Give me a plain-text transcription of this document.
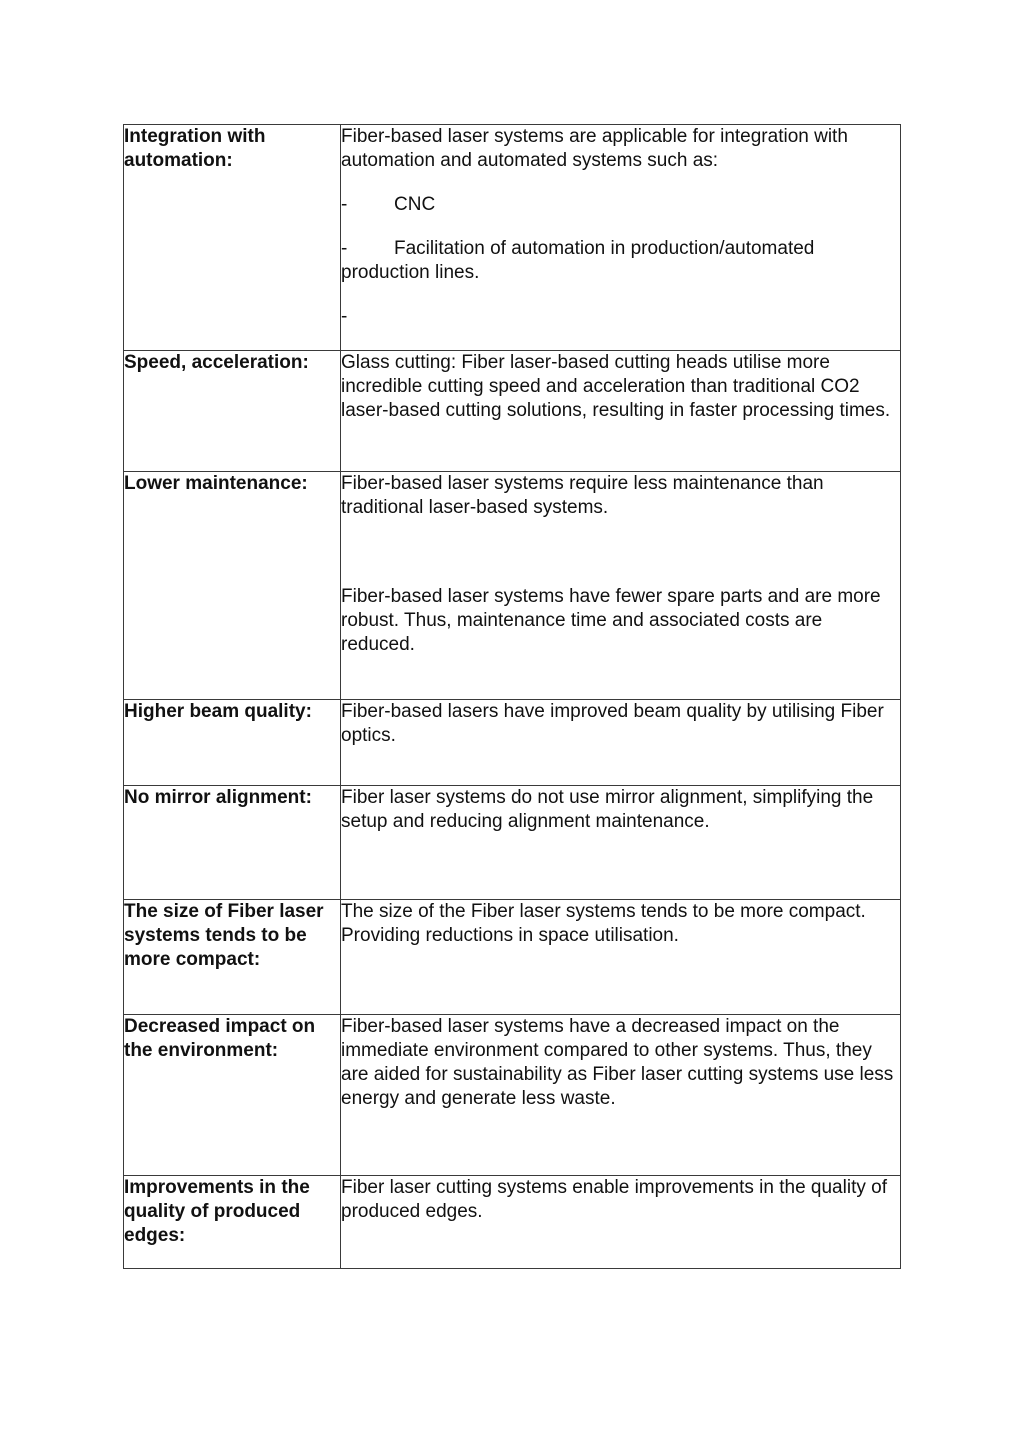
Integration with automation:	Fiber-based laser systems are applicable for integration with automation and automated systems such as:

- CNC
- Facilitation of automation in production/automated production lines.
-

Speed, acceleration:	Glass cutting: Fiber laser-based cutting heads utilise more incredible cutting speed and acceleration than traditional CO2 laser-based cutting solutions, resulting in faster processing times.
Lower maintenance:	Fiber-based laser systems require less maintenance than traditional laser-based systems.

Fiber-based laser systems have fewer spare parts and are more robust. Thus, maintenance time and associated costs are reduced.

Higher beam quality:	Fiber-based lasers have improved beam quality by utilising Fiber optics.
No mirror alignment:	Fiber laser systems do not use mirror alignment, simplifying the setup and reducing alignment maintenance.
The size of Fiber laser systems tends to be more compact:	The size of the Fiber laser systems tends to be more compact. Providing reductions in space utilisation.
Decreased impact on the environment:	Fiber-based laser systems have a decreased impact on the immediate environment compared to other systems. Thus, they are aided for sustainability as Fiber laser cutting systems use less energy and generate less waste.
Improvements in the quality of produced edges:	Fiber laser cutting systems enable improvements in the quality of produced edges.
